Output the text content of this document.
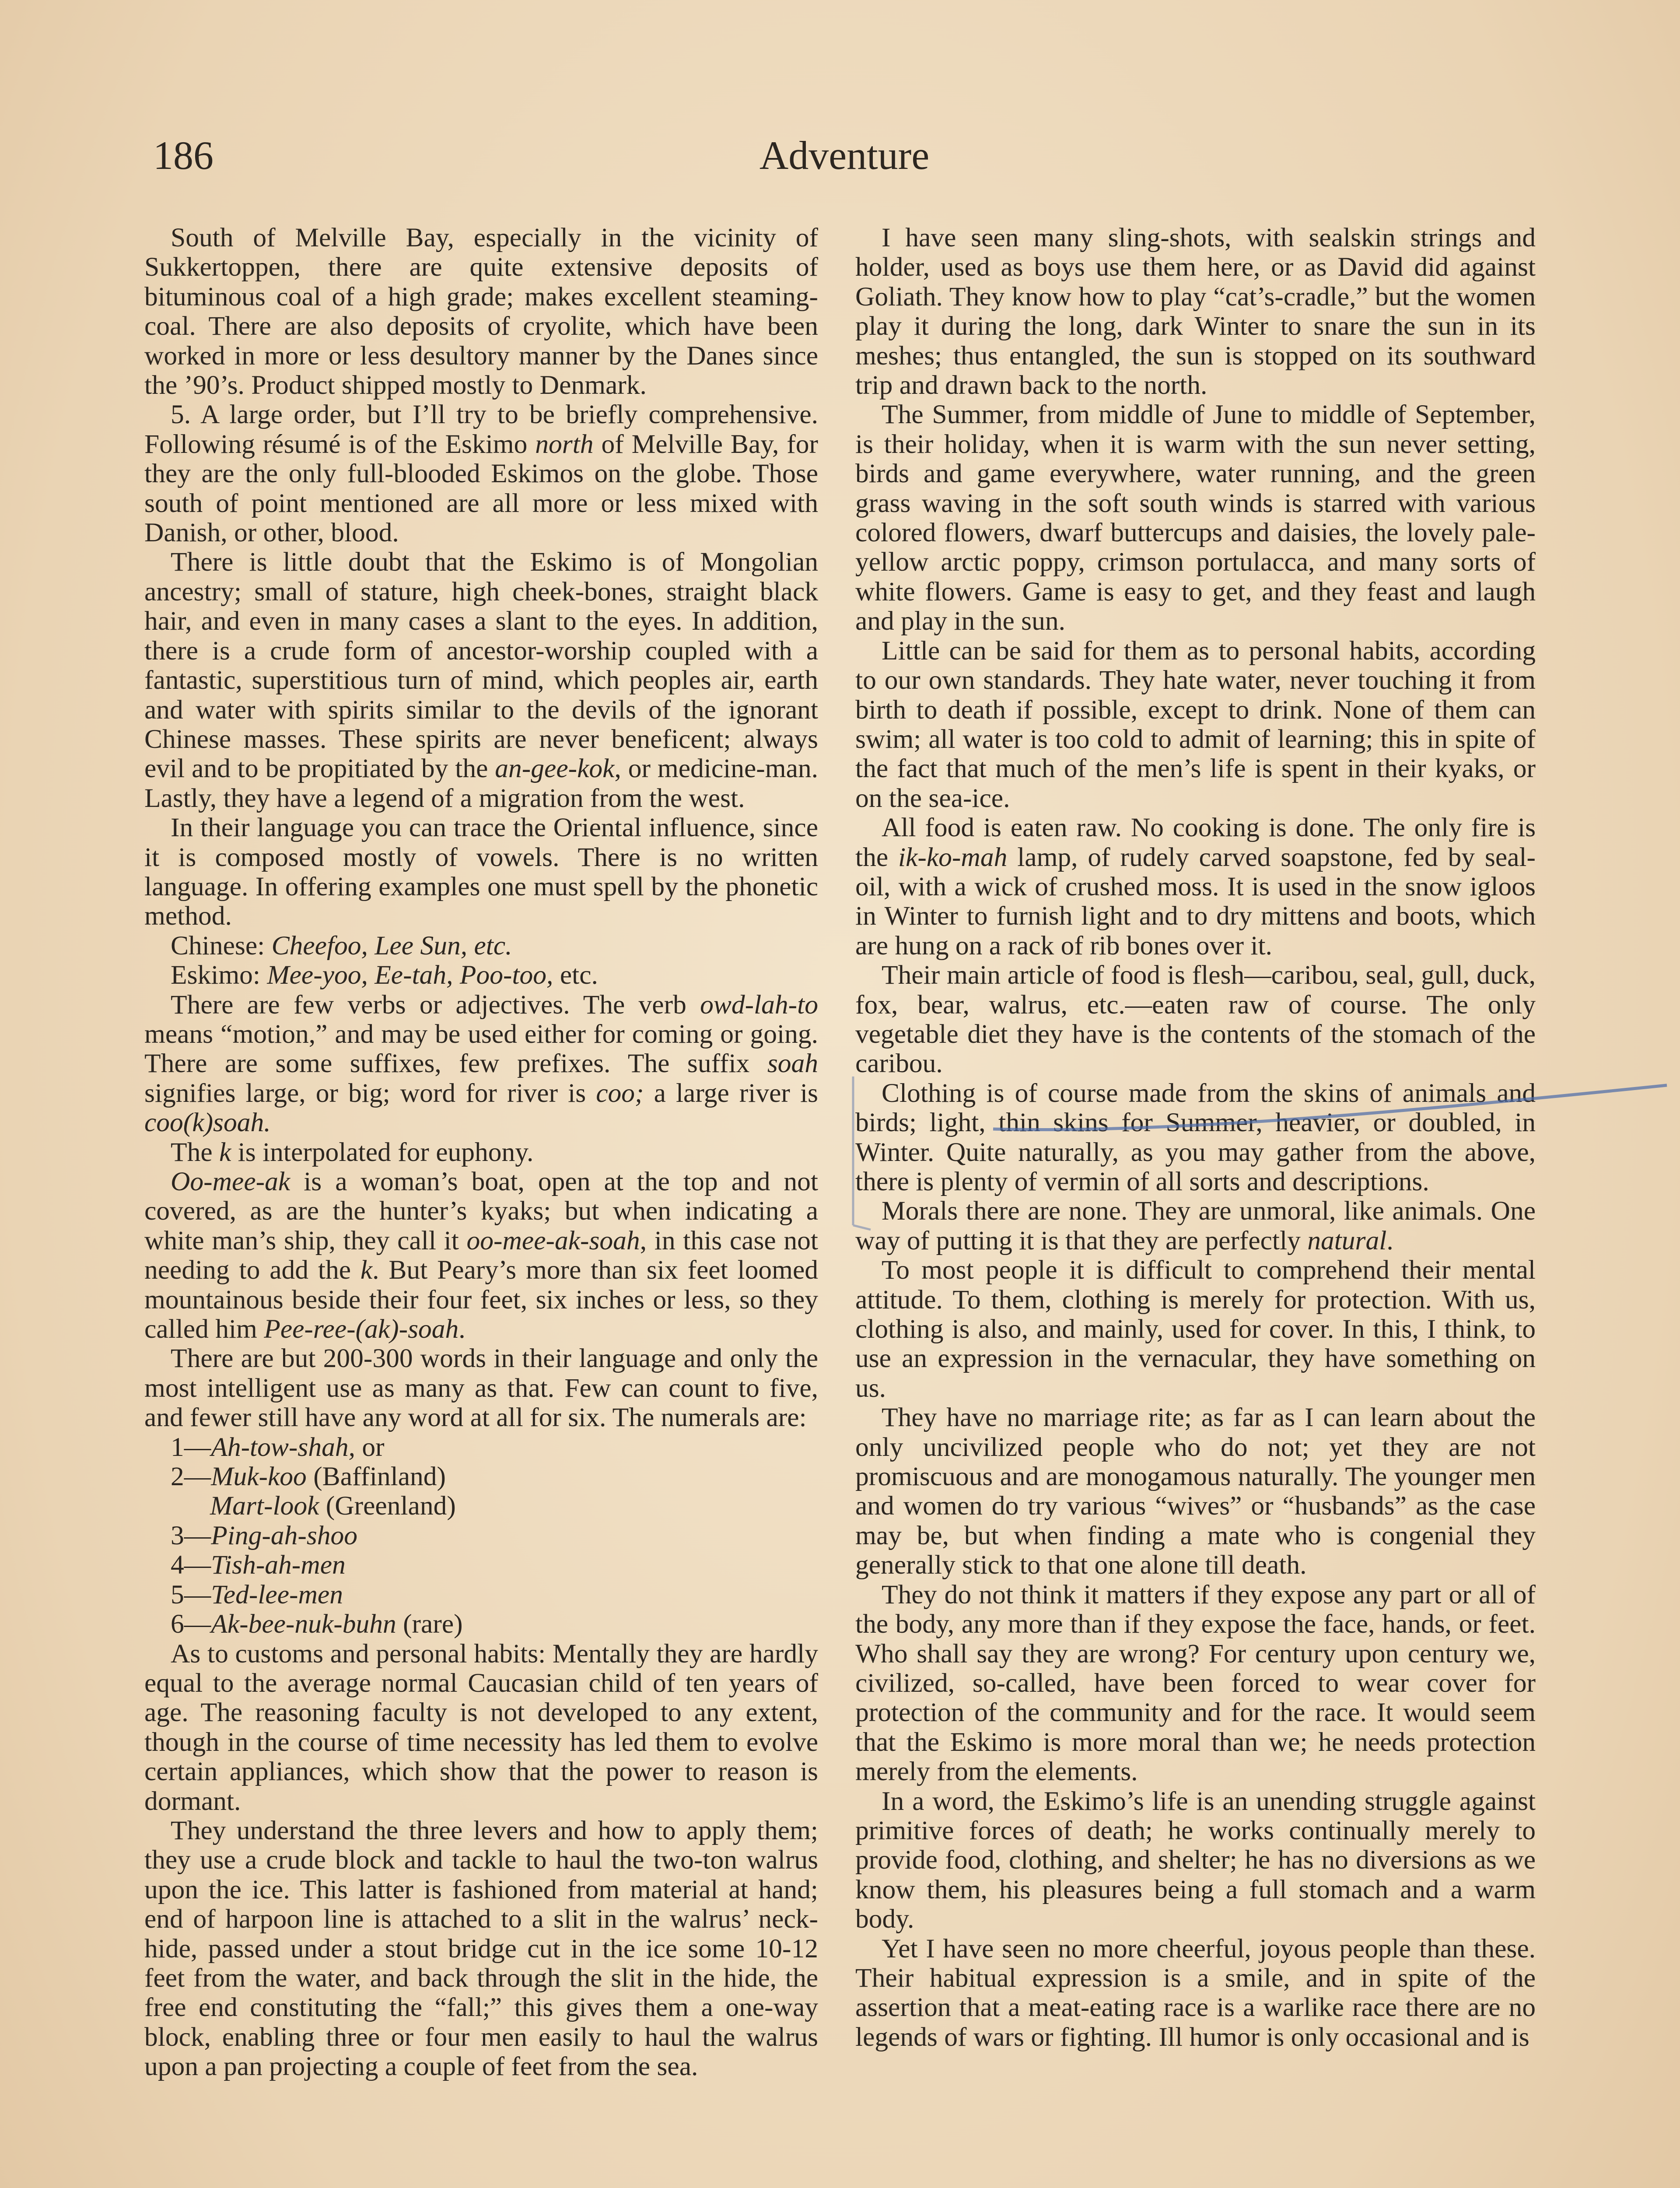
186	Adventure

South of Melville Bay, especially in the vicinity of Sukkertoppen, there are quite extensive deposits of bituminous coal of a high grade; makes excellent steaming-coal. There are also deposits of cryolite, which have been worked in more or less desultory manner by the Danes since the ’90’s. Product shipped mostly to Denmark.

5. A large order, but I’ll try to be briefly comprehensive. Following résumé is of the Eskimo north of Melville Bay, for they are the only full-blooded Eskimos on the globe. Those south of point mentioned are all more or less mixed with Danish, or other, blood.

There is little doubt that the Eskimo is of Mongolian ancestry; small of stature, high cheek-bones, straight black hair, and even in many cases a slant to the eyes. In addition, there is a crude form of ancestor-worship coupled with a fantastic, superstitious turn of mind, which peoples air, earth and water with spirits similar to the devils of the ignorant Chinese masses. These spirits are never beneficent; always evil and to be propitiated by the an-gee-kok, or medicine-man. Lastly, they have a legend of a migration from the west.

In their language you can trace the Oriental influence, since it is composed mostly of vowels. There is no written language. In offering examples one must spell by the phonetic method.

Chinese: Cheefoo, Lee Sun, etc.

Eskimo: Mee-yoo, Ee-tah, Poo-too, etc.

There are few verbs or adjectives. The verb owd-lah-to means “motion,” and may be used either for coming or going. There are some suffixes, few prefixes. The suffix soah signifies large, or big; word for river is coo; a large river is coo(k)soah.

The k is interpolated for euphony.

Oo-mee-ak is a woman’s boat, open at the top and not covered, as are the hunter’s kyaks; but when indicating a white man’s ship, they call it oo-mee-ak-soah, in this case not needing to add the k. But Peary’s more than six feet loomed mountainous beside their four feet, six inches or less, so they called him Pee-ree-(ak)-soah.

There are but 200-300 words in their language and only the most intelligent use as many as that. Few can count to five, and fewer still have any word at all for six. The numerals are:

1—Ah-tow-shah, or

2—Muk-koo (Baffinland)

Mart-look (Greenland)

3—Ping-ah-shoo

4—Tish-ah-men

5—Ted-lee-men

6—Ak-bee-nuk-buhn (rare)

As to customs and personal habits: Mentally they are hardly equal to the average normal Caucasian child of ten years of age. The reasoning faculty is not developed to any extent, though in the course of time necessity has led them to evolve certain appliances, which show that the power to reason is dormant.

They understand the three levers and how to apply them; they use a crude block and tackle to haul the two-ton walrus upon the ice. This latter is fashioned from material at hand; end of harpoon line is attached to a slit in the walrus’ neck-hide, passed under a stout bridge cut in the ice some 10-12 feet from the water, and back through the slit in the hide, the free end constituting the “fall;” this gives them a one-way block, enabling three or four men easily to haul the walrus upon a pan projecting a couple of feet from the sea.

I have seen many sling-shots, with sealskin strings and holder, used as boys use them here, or as David did against Goliath. They know how to play “cat’s-cradle,” but the women play it during the long, dark Winter to snare the sun in its meshes; thus entangled, the sun is stopped on its southward trip and drawn back to the north.

The Summer, from middle of June to middle of September, is their holiday, when it is warm with the sun never setting, birds and game everywhere, water running, and the green grass waving in the soft south winds is starred with various colored flowers, dwarf buttercups and daisies, the lovely pale-yellow arctic poppy, crimson portulacca, and many sorts of white flowers. Game is easy to get, and they feast and laugh and play in the sun.

Little can be said for them as to personal habits, according to our own standards. They hate water, never touching it from birth to death if possible, except to drink. None of them can swim; all water is too cold to admit of learning; this in spite of the fact that much of the men’s life is spent in their kyaks, or on the sea-ice.

All food is eaten raw. No cooking is done. The only fire is the ik-ko-mah lamp, of rudely carved soapstone, fed by seal-oil, with a wick of crushed moss. It is used in the snow igloos in Winter to furnish light and to dry mittens and boots, which are hung on a rack of rib bones over it.

Their main article of food is flesh—caribou, seal, gull, duck, fox, bear, walrus, etc.—eaten raw of course. The only vegetable diet they have is the contents of the stomach of the caribou.

Clothing is of course made from the skins of animals and birds; light, thin skins for Summer, heavier, or doubled, in Winter. Quite naturally, as you may gather from the above, there is plenty of vermin of all sorts and descriptions.

Morals there are none. They are unmoral, like animals. One way of putting it is that they are perfectly natural.

To most people it is difficult to comprehend their mental attitude. To them, clothing is merely for protection. With us, clothing is also, and mainly, used for cover. In this, I think, to use an expression in the vernacular, they have something on us.

They have no marriage rite; as far as I can learn about the only uncivilized people who do not; yet they are not promiscuous and are monogamous naturally. The younger men and women do try various “wives” or “husbands” as the case may be, but when finding a mate who is congenial they generally stick to that one alone till death.

They do not think it matters if they expose any part or all of the body, any more than if they expose the face, hands, or feet. Who shall say they are wrong? For century upon century we, civilized, so-called, have been forced to wear cover for protection of the community and for the race. It would seem that the Eskimo is more moral than we; he needs protection merely from the elements.

In a word, the Eskimo’s life is an unending struggle against primitive forces of death; he works continually merely to provide food, clothing, and shelter; he has no diversions as we know them, his pleasures being a full stomach and a warm body.

Yet I have seen no more cheerful, joyous people than these. Their habitual expression is a smile, and in spite of the assertion that a meat-eating race is a warlike race there are no legends of wars or fighting. Ill humor is only occasional and is
